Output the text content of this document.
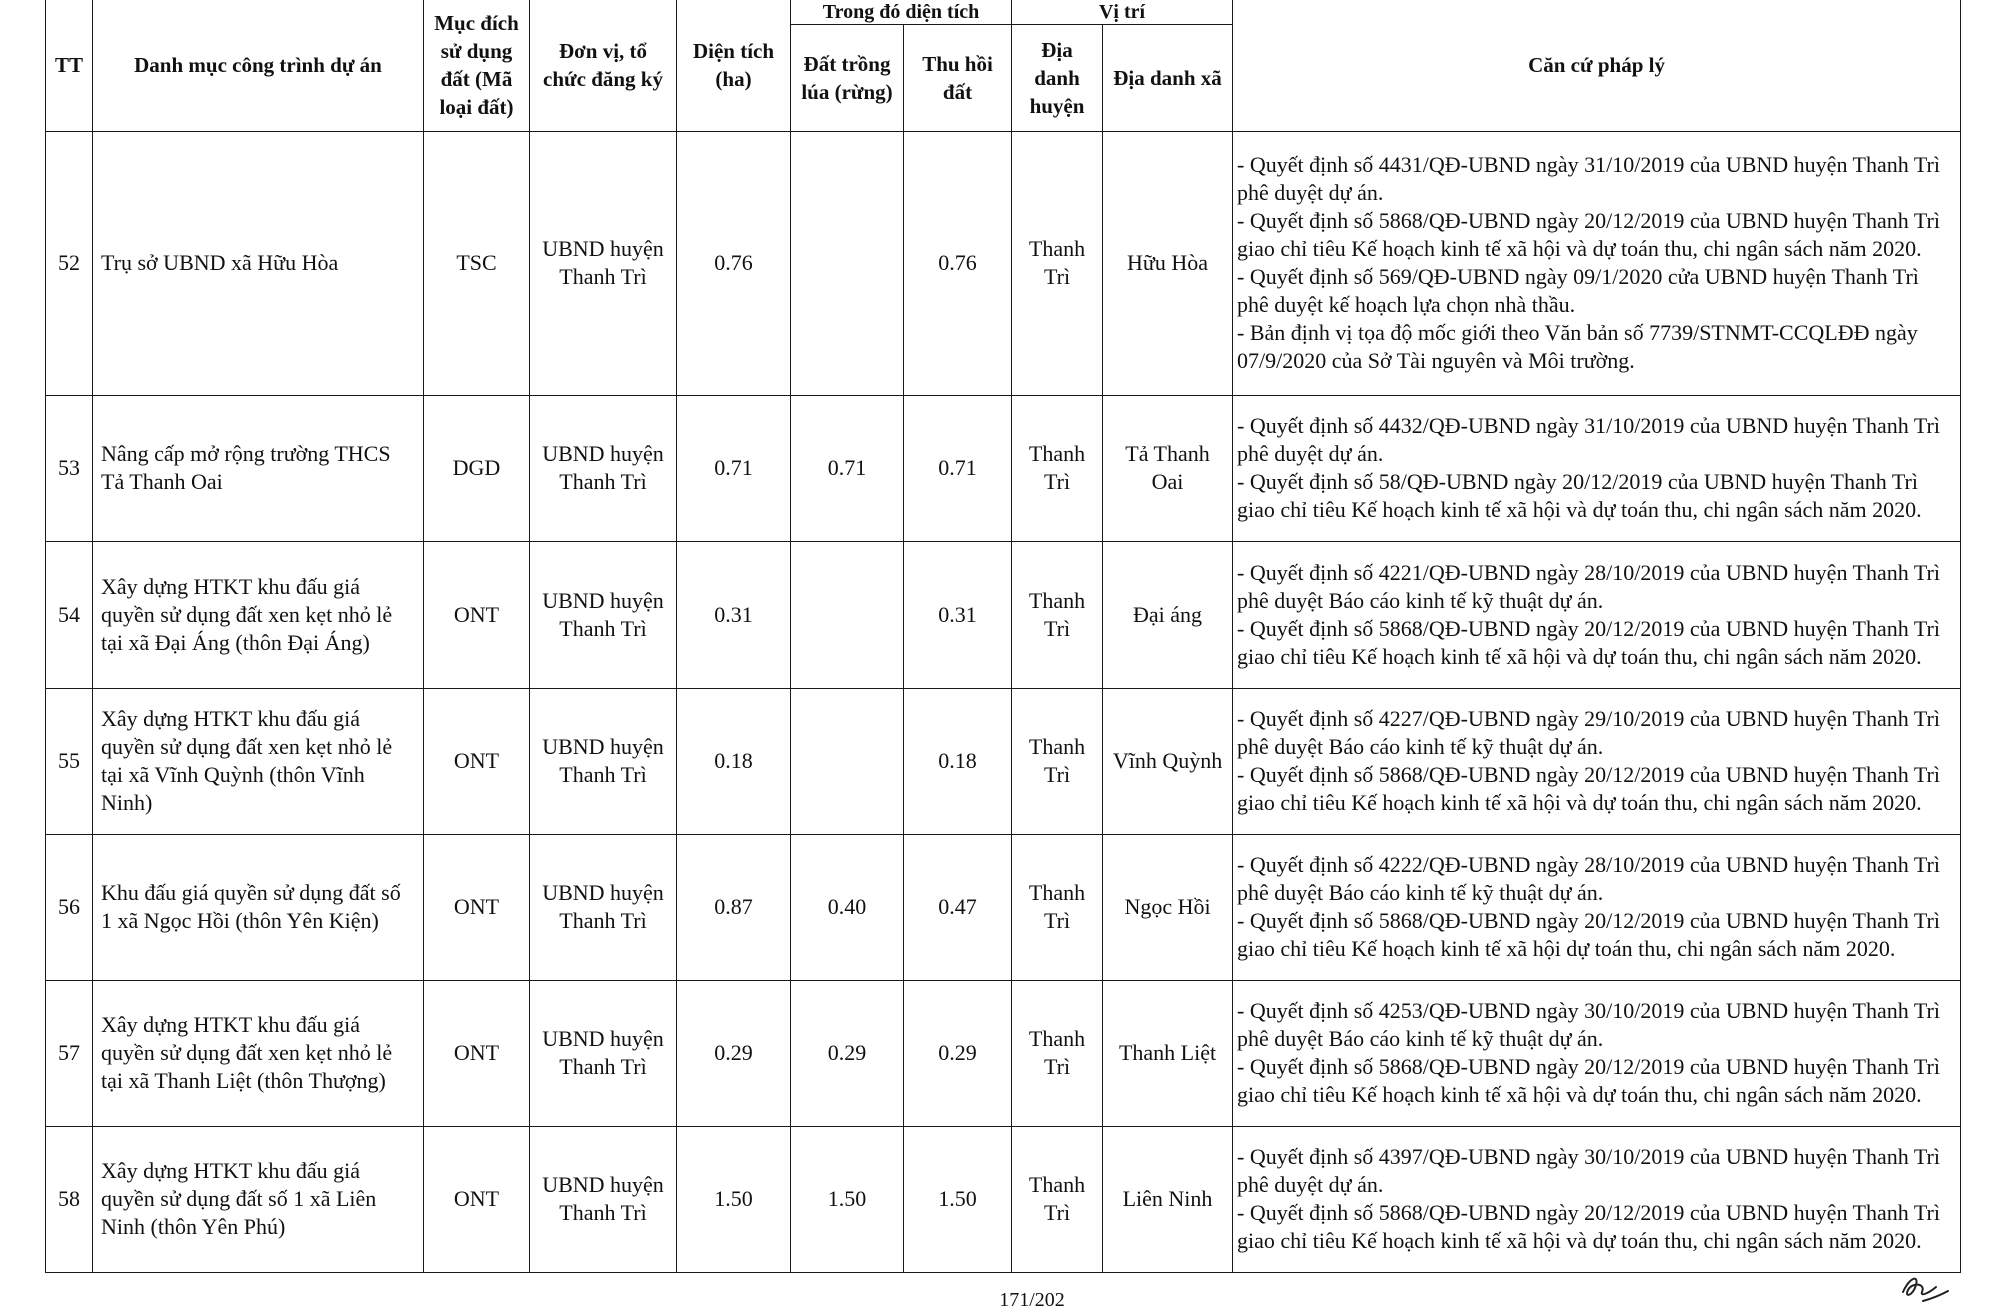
TT	Danh mục công trình dự án	Mục đích
sử dụng
đất (Mã
loại đất)	Đơn vị, tổ
chức đăng ký	Diện tích
(ha)	Trong đó diện tích		Vị trí		Căn cứ pháp lý
					Đất trồng
lúa (rừng)	Thu hồi
đất	Địa
danh
huyện	Địa danh xã	
52	Trụ sở UBND xã Hữu Hòa	TSC	UBND huyện Thanh Trì	0.76		0.76	Thanh Trì	Hữu Hòa	- Quyết định số 4431/QĐ-UBND ngày 31/10/2019 của UBND huyện Thanh Trì phê duyệt dự án.
- Quyết định số 5868/QĐ-UBND ngày 20/12/2019 của UBND huyện Thanh Trì giao chỉ tiêu Kế hoạch kinh tế xã hội và dự toán thu, chi ngân sách năm 2020.
- Quyết định số 569/QĐ-UBND ngày 09/1/2020 cửa UBND huyện Thanh Trì phê duyệt kế hoạch lựa chọn nhà thầu.
- Bản định vị tọa độ mốc giới theo Văn bản số 7739/STNMT-CCQLĐĐ ngày 07/9/2020 của Sở Tài nguyên và Môi trường.

53	Nâng cấp mở rộng trường THCS Tả Thanh Oai	DGD	UBND huyện Thanh Trì	0.71	0.71	0.71	Thanh Trì	Tả Thanh Oai	- Quyết định số 4432/QĐ-UBND ngày 31/10/2019 của UBND huyện Thanh Trì phê duyệt dự án.
- Quyết định số 58/QĐ-UBND ngày 20/12/2019 của UBND huyện Thanh Trì giao chỉ tiêu Kế hoạch kinh tế xã hội và dự toán thu, chi ngân sách năm 2020.

54	Xây dựng HTKT khu đấu giá quyền sử dụng đất xen kẹt nhỏ lẻ tại xã Đại Áng (thôn Đại Áng)	ONT	UBND huyện Thanh Trì	0.31		0.31	Thanh Trì	Đại áng	- Quyết định số 4221/QĐ-UBND ngày 28/10/2019 của UBND huyện Thanh Trì phê duyệt Báo cáo kinh tế kỹ thuật dự án.
- Quyết định số 5868/QĐ-UBND ngày 20/12/2019 của UBND huyện Thanh Trì giao chỉ tiêu Kế hoạch kinh tế xã hội và dự toán thu, chi ngân sách năm 2020.

55	Xây dựng HTKT khu đấu giá quyền sử dụng đất xen kẹt nhỏ lẻ tại xã Vĩnh Quỳnh (thôn Vĩnh Ninh)	ONT	UBND huyện Thanh Trì	0.18		0.18	Thanh Trì	Vĩnh Quỳnh	- Quyết định số 4227/QĐ-UBND ngày 29/10/2019 của UBND huyện Thanh Trì phê duyệt Báo cáo kinh tế kỹ thuật dự án.
- Quyết định số 5868/QĐ-UBND ngày 20/12/2019 của UBND huyện Thanh Trì giao chỉ tiêu Kế hoạch kinh tế xã hội và dự toán thu, chi ngân sách năm 2020.

56	Khu đấu giá quyền sử dụng đất số 1 xã Ngọc Hồi (thôn Yên Kiện)	ONT	UBND huyện Thanh Trì	0.87	0.40	0.47	Thanh Trì	Ngọc Hồi	- Quyết định số 4222/QĐ-UBND ngày 28/10/2019 của UBND huyện Thanh Trì phê duyệt Báo cáo kinh tế kỹ thuật dự án.
- Quyết định số 5868/QĐ-UBND ngày 20/12/2019 của UBND huyện Thanh Trì giao chỉ tiêu Kế hoạch kinh tế xã hội dự toán thu, chi ngân sách năm 2020.

57	Xây dựng HTKT khu đấu giá quyền sử dụng đất xen kẹt nhỏ lẻ tại xã Thanh Liệt (thôn Thượng)	ONT	UBND huyện Thanh Trì	0.29	0.29	0.29	Thanh Trì	Thanh Liệt	- Quyết định số 4253/QĐ-UBND ngày 30/10/2019 của UBND huyện Thanh Trì phê duyệt Báo cáo kinh tế kỹ thuật dự án.
- Quyết định số 5868/QĐ-UBND ngày 20/12/2019 của UBND huyện Thanh Trì giao chỉ tiêu Kế hoạch kinh tế xã hội và dự toán thu, chi ngân sách năm 2020.

58	Xây dựng HTKT khu đấu giá quyền sử dụng đất số 1 xã Liên Ninh (thôn Yên Phú)	ONT	UBND huyện Thanh Trì	1.50	1.50	1.50	Thanh Trì	Liên Ninh	- Quyết định số 4397/QĐ-UBND ngày 30/10/2019 của UBND huyện Thanh Trì phê duyệt dự án.
- Quyết định số 5868/QĐ-UBND ngày 20/12/2019 của UBND huyện Thanh Trì giao chỉ tiêu Kế hoạch kinh tế xã hội và dự toán thu, chi ngân sách năm 2020.
171/202
